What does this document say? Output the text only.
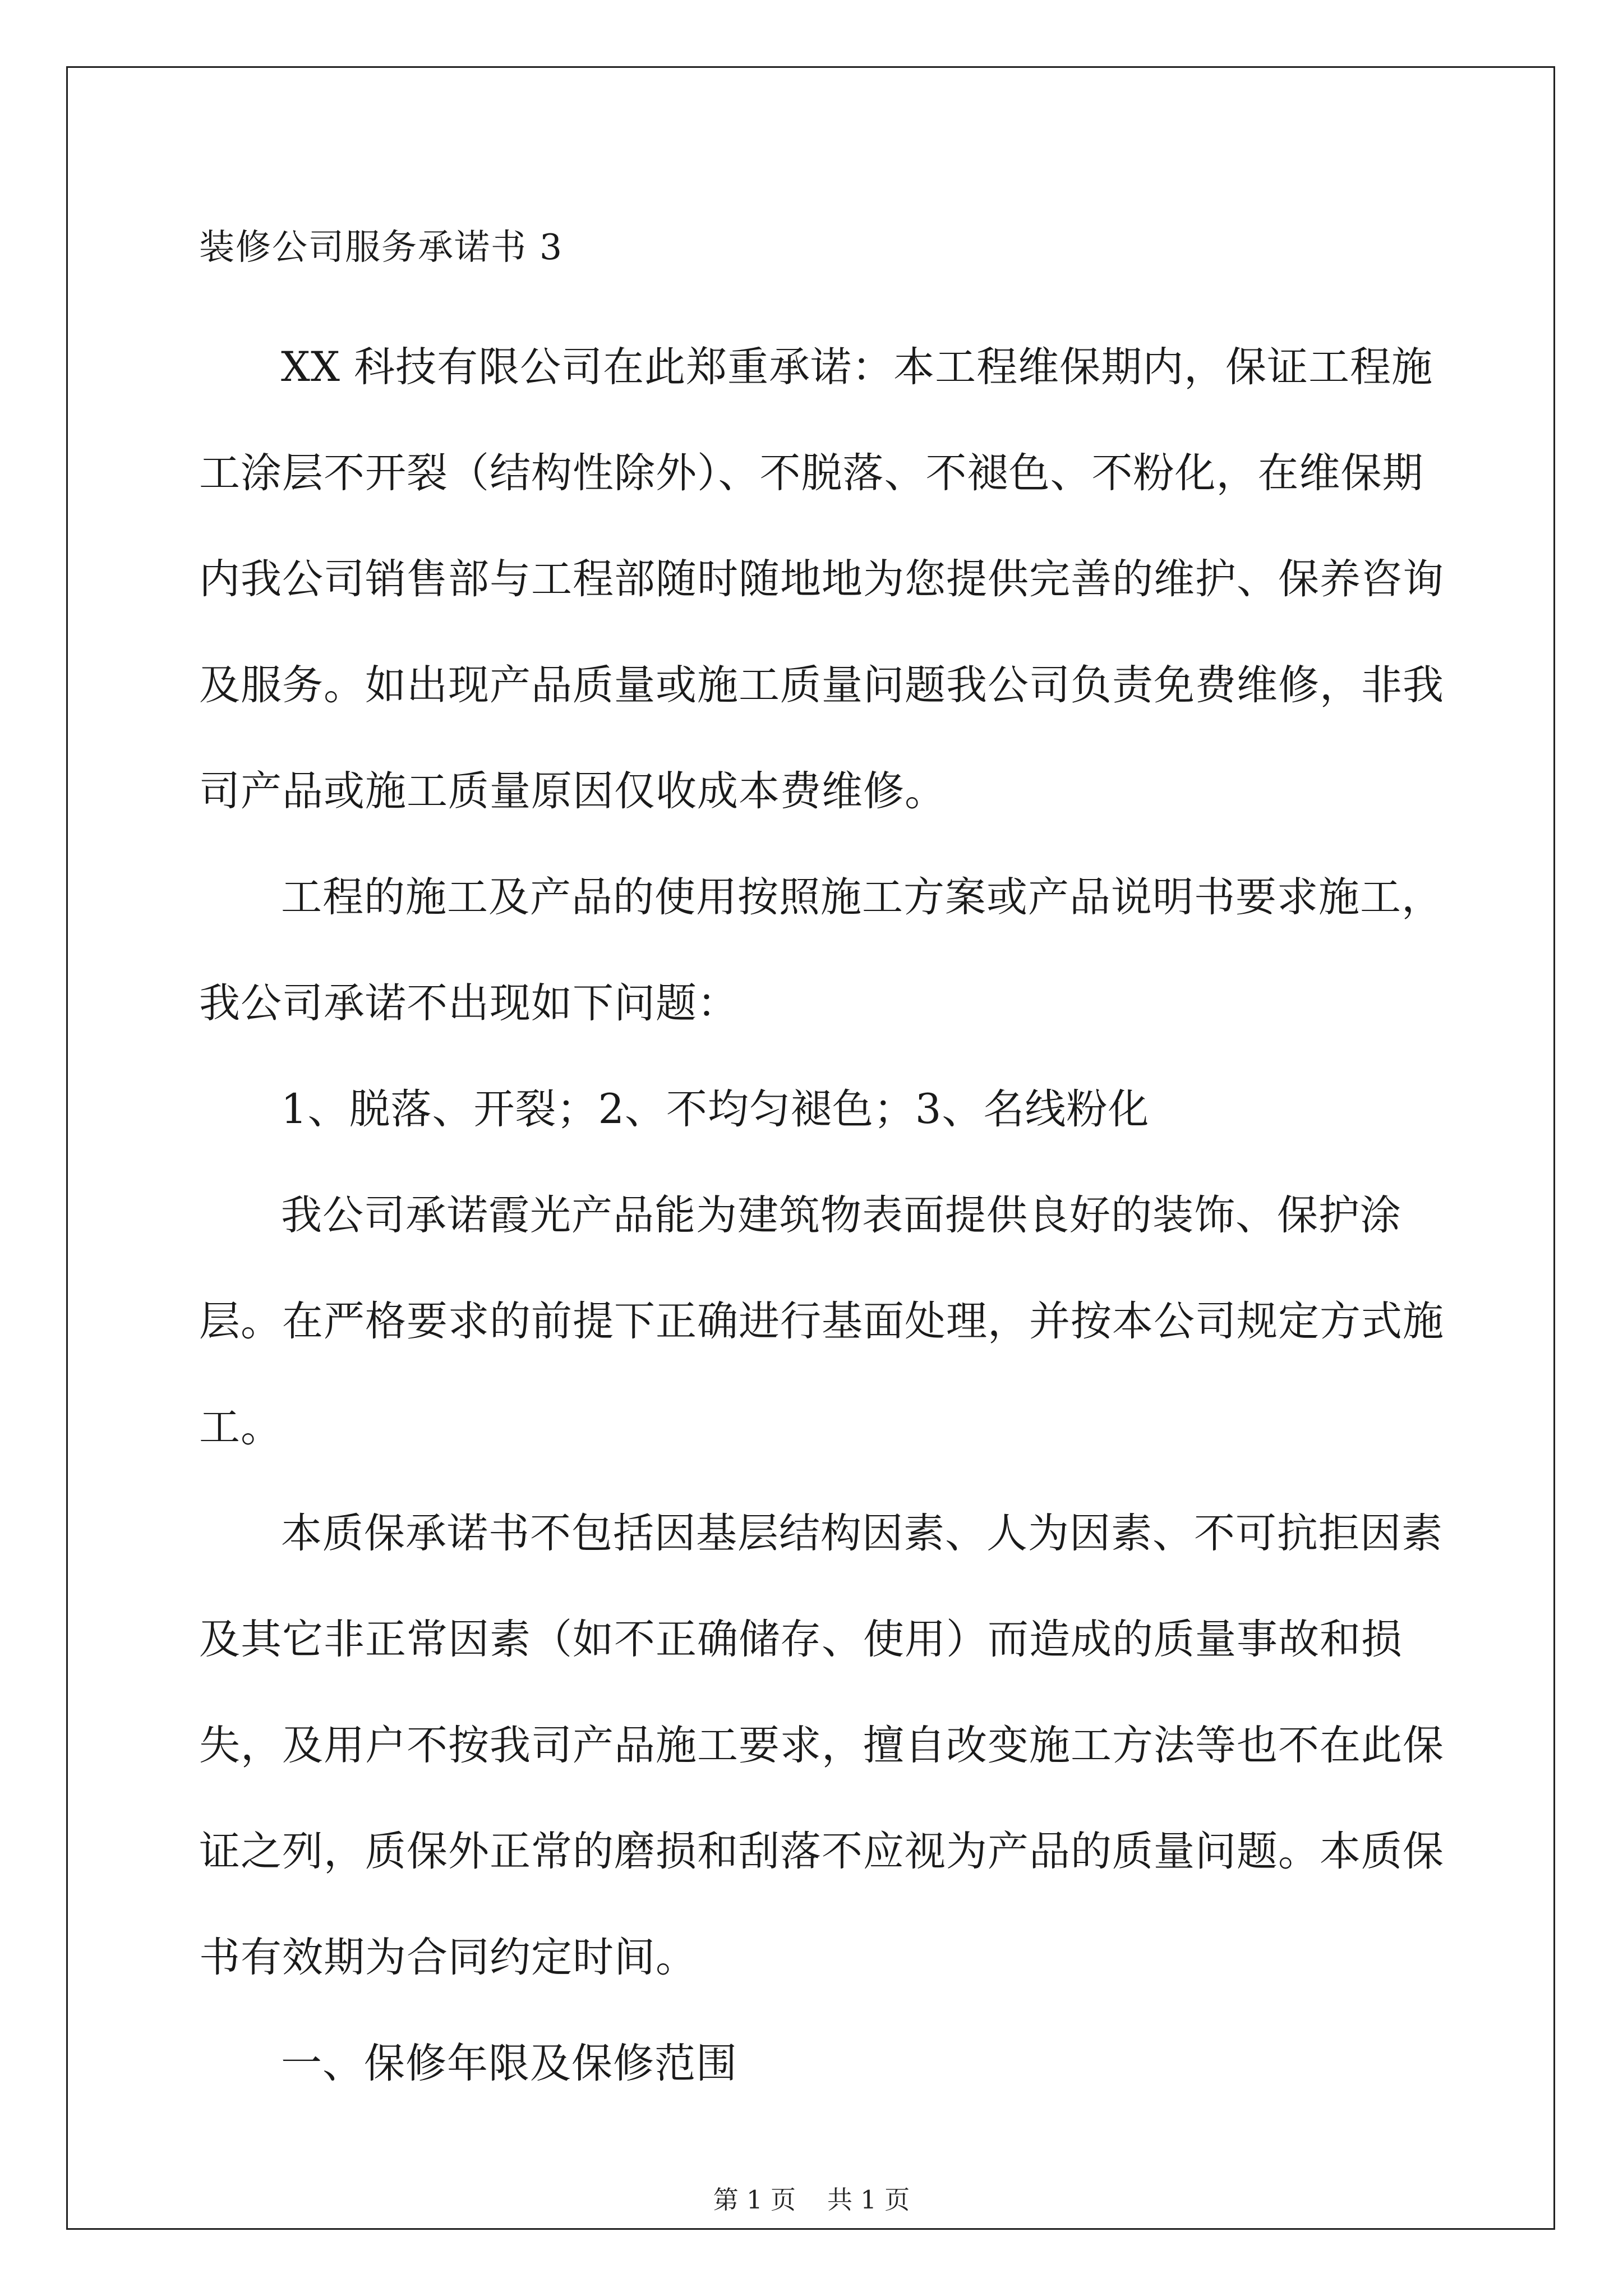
装修公司服务承诺书 3

XX 科技有限公司在此郑重承诺：本工程维保期内，保证工程施工涂层不开裂（结构性除外）、不脱落、不褪色、不粉化，在维保期内我公司销售部与工程部随时随地地为您提供完善的维护、保养咨询及服务。如出现产品质量或施工质量问题我公司负责免费维修，非我司产品或施工质量原因仅收成本费维修。

工程的施工及产品的使用按照施工方案或产品说明书要求施工，我公司承诺不出现如下问题：

1、脱落、开裂；2、不均匀褪色；3、名线粉化

我公司承诺霞光产品能为建筑物表面提供良好的装饰、保护涂层。在严格要求的前提下正确进行基面处理，并按本公司规定方式施工。

本质保承诺书不包括因基层结构因素、人为因素、不可抗拒因素及其它非正常因素（如不正确储存、使用）而造成的质量事故和损失，及用户不按我司产品施工要求，擅自改变施工方法等也不在此保证之列，质保外正常的磨损和刮落不应视为产品的质量问题。本质保书有效期为合同约定时间。

一、保修年限及保修范围

第 1 页 共 1 页
